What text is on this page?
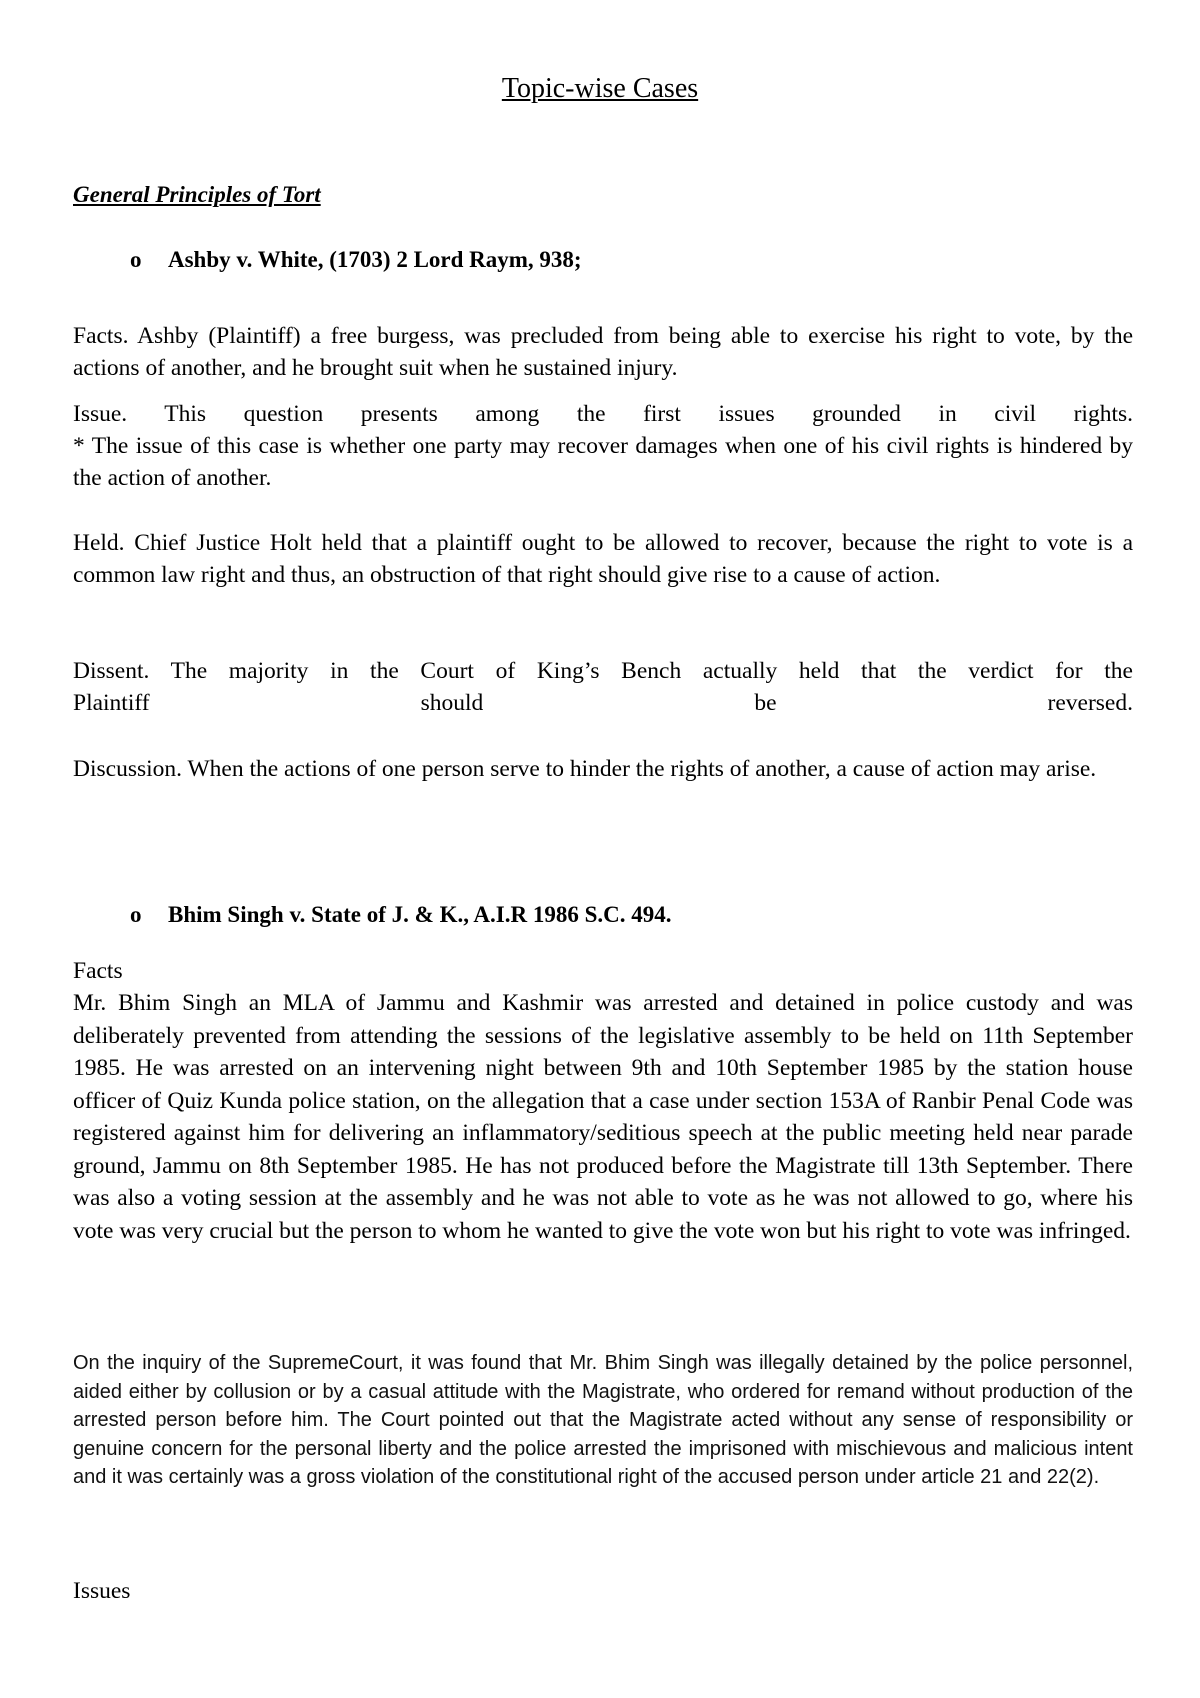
Topic-wise Cases
General Principles of Tort
o Ashby v. White, (1703) 2 Lord Raym, 938;
Facts. Ashby (Plaintiff) a free burgess, was precluded from being able to exercise his right to vote, by the actions of another, and he brought suit when he sustained injury.
Issue. This question presents among the first issues grounded in civil rights.
* The issue of this case is whether one party may recover damages when one of his civil rights is hindered by the action of another.
Held. Chief Justice Holt held that a plaintiff ought to be allowed to recover, because the right to vote is a common law right and thus, an obstruction of that right should give rise to a cause of action.
Dissent. The majority in the Court of King’s Bench actually held that the verdict for the
Plaintiff should be reversed.
Discussion. When the actions of one person serve to hinder the rights of another, a cause of action may arise.
o Bhim Singh v. State of J. & K., A.I.R 1986 S.C. 494.
Facts
Mr. Bhim Singh an MLA of Jammu and Kashmir was arrested and detained in police custody and was deliberately prevented from attending the sessions of the legislative assembly to be held on 11th September 1985. He was arrested on an intervening night between 9th and 10th September 1985 by the station house officer of Quiz Kunda police station, on the allegation that a case under section 153A of Ranbir Penal Code was registered against him for delivering an inflammatory/seditious speech at the public meeting held near parade ground, Jammu on 8th September 1985. He has not produced before the Magistrate till 13th September. There was also a voting session at the assembly and he was not able to vote as he was not allowed to go, where his vote was very crucial but the person to whom he wanted to give the vote won but his right to vote was infringed.
On the inquiry of the SupremeCourt, it was found that Mr. Bhim Singh was illegally detained by the police personnel, aided either by collusion or by a casual attitude with the Magistrate, who ordered for remand without production of the arrested person before him. The Court pointed out that the Magistrate acted without any sense of responsibility or genuine concern for the personal liberty and the police arrested the imprisoned with mischievous and malicious intent and it was certainly was a gross violation of the constitutional right of the accused person under article 21 and 22(2).
Issues
